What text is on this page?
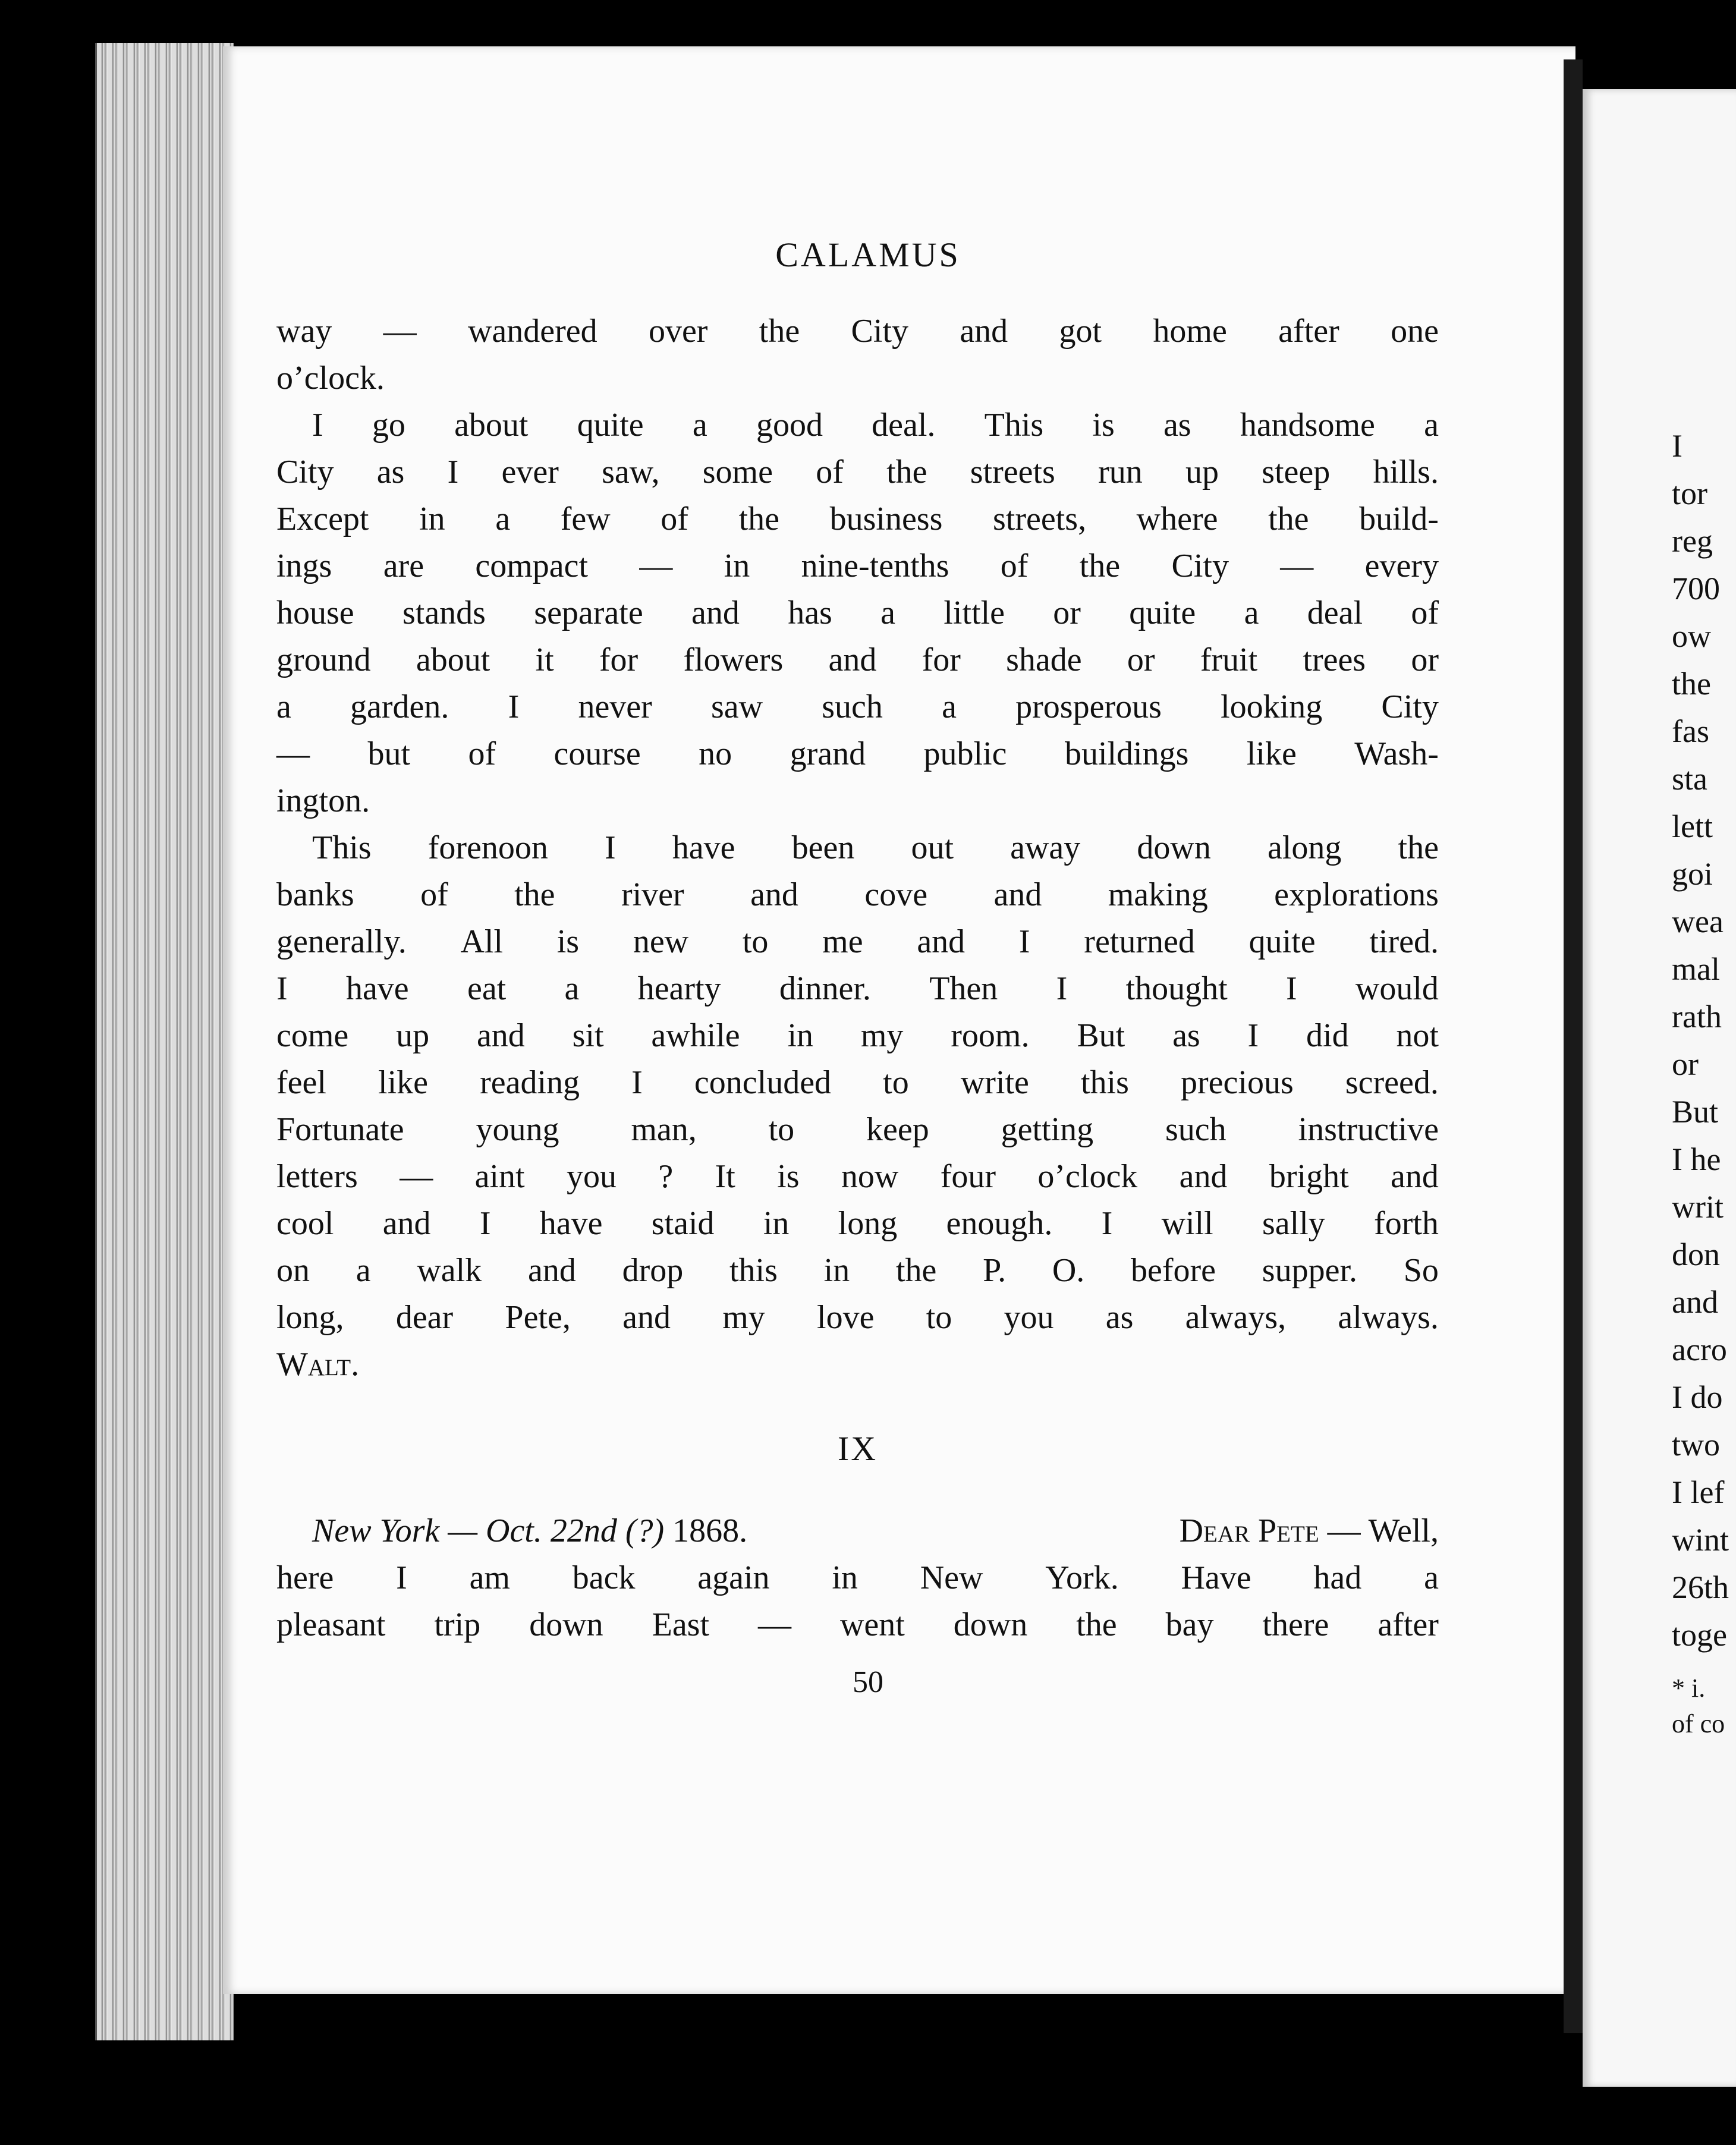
I
tor
reg
700
ow
the
fas
sta
lett
goi
wea
mal
rath
or
But
I he
writ
don
and
acro
I do
two
I lef
wint
26th
toge
* i.
of co
CALAMUS
way — wandered over the City and got home after one
o’clock.
I go about quite a good deal. This is as handsome a
City as I ever saw, some of the streets run up steep hills.
Except in a few of the business streets, where the build-
ings are compact — in nine-tenths of the City — every
house stands separate and has a little or quite a deal of
ground about it for flowers and for shade or fruit trees or
a garden. I never saw such a prosperous looking City
— but of course no grand public buildings like Wash-
ington.
This forenoon I have been out away down along the
banks of the river and cove and making explorations
generally. All is new to me and I returned quite tired.
I have eat a hearty dinner. Then I thought I would
come up and sit awhile in my room. But as I did not
feel like reading I concluded to write this precious screed.
Fortunate young man, to keep getting such instructive
letters — aint you ? It is now four o’clock and bright and
cool and I have staid in long enough. I will sally forth
on a walk and drop this in the P. O. before supper. So
long, dear Pete, and my love to you as always, always.
Walt.
IX
New York — Oct. 22nd (?) 1868.	Dear Pete — Well,
here I am back again in New York. Have had a
pleasant trip down East — went down the bay there after
50
